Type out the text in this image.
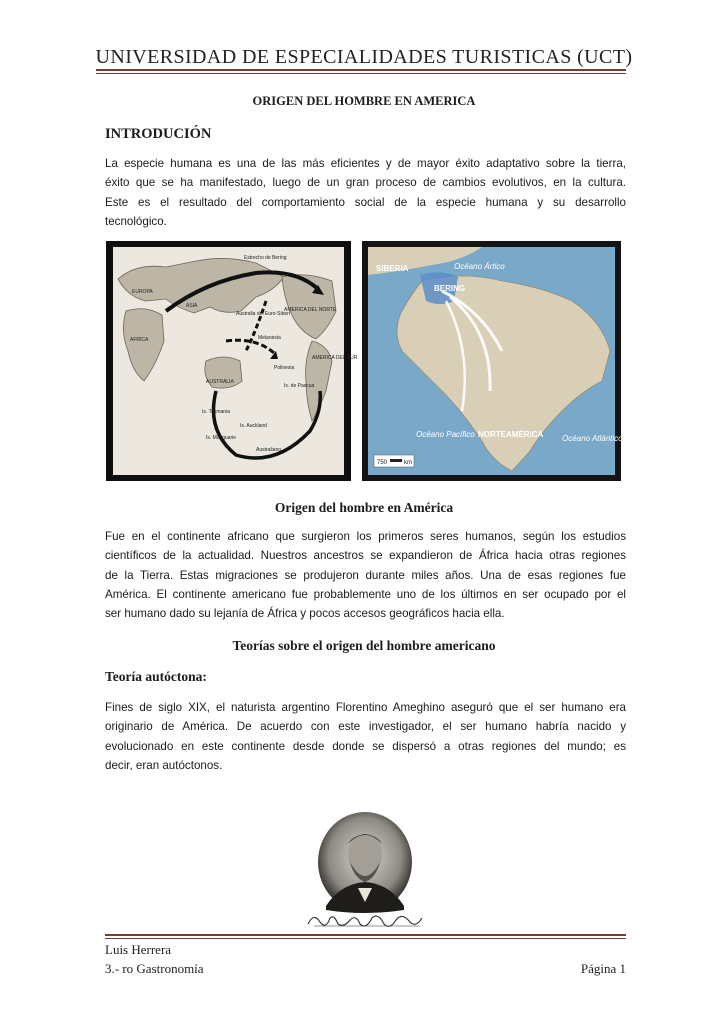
UNIVERSIDAD DE ESPECIALIDADES TURISTICAS (UCT)
ORIGEN DEL HOMBRE EN AMERICA
INTRODUCIÓN
La especie humana es una de las más eficientes y de mayor éxito adaptativo sobre la tierra,
éxito que se ha manifestado, luego de un gran proceso de cambios evolutivos, en la cultura.
Este es el resultado del comportamiento social de la especie humana y su desarrollo
tecnológico.
Estrecho de Bering
EUROPA
ASIA
AFRICA
Australia del Euro-Siberi
AMERICA DEL NORTE
Melanesia
Polinesia
AMERICA DEL SUR
Is. de Pascua
AUSTRALIA
Is. Tasmania
Is. Auckland
Is. Macquarie
Australiano
SIBERIA	Océano Ártico
BERING
NORTEAMÉRICA
Océano Pacífico	Océano Atlántico
750	km
Origen del hombre en América
Fue en el continente africano que surgieron los primeros seres humanos, según los estudios
científicos de la actualidad. Nuestros ancestros se expandieron de África hacia otras regiones
de la Tierra. Estas migraciones se produjeron durante miles años. Una de esas regiones fue
América. El continente americano fue probablemente uno de los últimos en ser ocupado por el
ser humano dado su lejanía de África y pocos accesos geográficos hacia ella.
Teorías sobre el origen del hombre americano
Teoría autóctona:
Fines de siglo XIX, el naturista argentino Florentino Ameghino aseguró que el ser humano era
originario de América. De acuerdo con este investigador, el ser humano habría nacido y
evolucionado en este continente desde donde se dispersó a otras regiones del mundo; es
decir, eran autóctonos.
Luis Herrera
3.- ro Gastronomía	Página 1
